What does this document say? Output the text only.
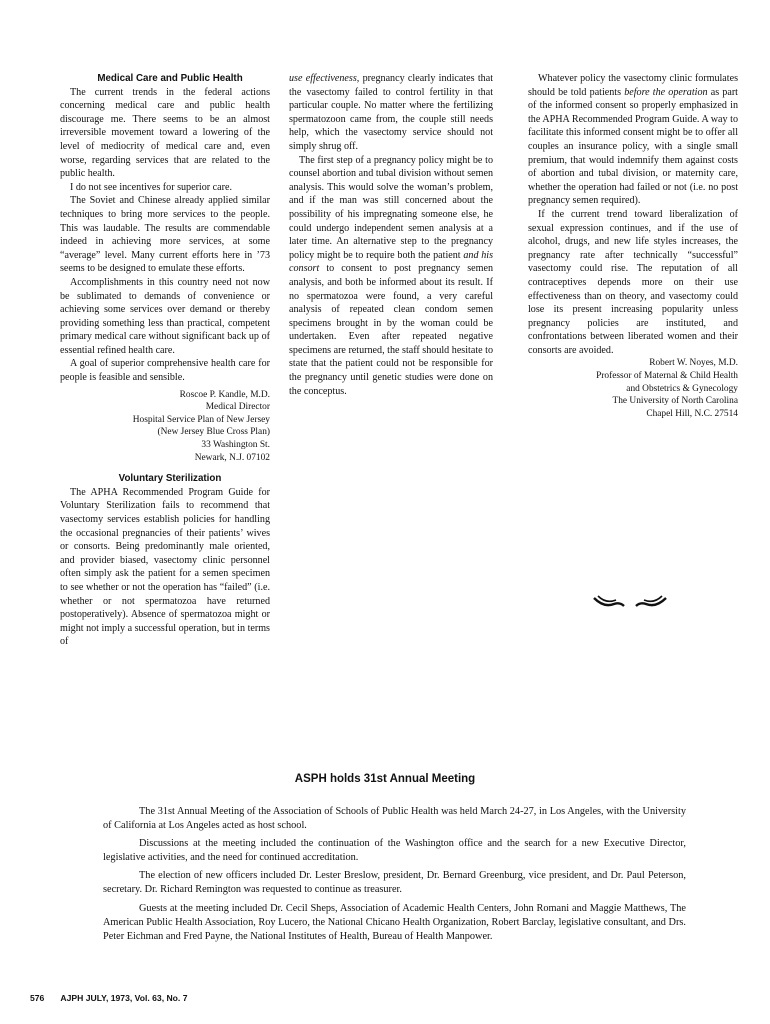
Medical Care and Public Health

The current trends in the federal actions concerning medical care and public health discourage me. There seems to be an almost irreversible movement toward a lowering of the level of mediocrity of medical care and, even worse, regarding services that are related to the public health.

I do not see incentives for superior care.

The Soviet and Chinese already applied similar techniques to bring more services to the people. This was laudable. The results are commendable indeed in achieving more services, at some “average” level. Many current efforts here in ’73 seems to be designed to emulate these efforts.

Accomplishments in this country need not now be sublimated to demands of convenience or achieving some services over demand or thereby providing something less than practical, competent primary medical care without significant back up of essential refined health care.

A goal of superior comprehensive health care for people is feasible and sensible.

Roscoe P. Kandle, M.D.
Medical Director
Hospital Service Plan of New Jersey
(New Jersey Blue Cross Plan)
33 Washington St.
Newark, N.J. 07102

Voluntary Sterilization

The APHA Recommended Program Guide for Voluntary Sterilization fails to recommend that vasectomy services establish policies for handling the occasional pregnancies of their patients’ wives or consorts. Being predominantly male oriented, and provider biased, vasectomy clinic personnel often simply ask the patient for a semen specimen to see whether or not the operation has “failed” (i.e. whether or not spermatozoa have returned postoperatively). Absence of spermatozoa might or might not imply a successful operation, but in terms of

use effectiveness, pregnancy clearly indicates that the vasectomy failed to control fertility in that particular couple. No matter where the fertilizing spermatozoon came from, the couple still needs help, which the vasectomy service should not simply shrug off.

The first step of a pregnancy policy might be to counsel abortion and tubal division without semen analysis. This would solve the woman’s problem, and if the man was still concerned about the possibility of his impregnating someone else, he could undergo independent semen analysis at a later time. An alternative step to the pregnancy policy might be to require both the patient and his consort to consent to post pregnancy semen analysis, and both be informed about its result. If no spermatozoa were found, a very careful analysis of repeated clean condom semen specimens brought in by the woman could be undertaken. Even after repeated negative specimens are returned, the staff should hesitate to state that the patient could not be responsible for the pregnancy until genetic studies were done on the conceptus.

Whatever policy the vasectomy clinic formulates should be told patients before the operation as part of the informed consent so properly emphasized in the APHA Recommended Program Guide. A way to facilitate this informed consent might be to offer all couples an insurance policy, with a single small premium, that would indemnify them against costs of abortion and tubal division, or maternity care, whether the operation had failed or not (i.e. no post pregnancy semen required).

If the current trend toward liberalization of sexual expression continues, and if the use of alcohol, drugs, and new life styles increases, the pregnancy rate after technically “successful” vasectomy could rise. The reputation of all contraceptives depends more on their use effectiveness than on theory, and vasectomy could lose its present increasing popularity unless pregnancy policies are instituted, and confrontations between liberated women and their consorts are avoided.

Robert W. Noyes, M.D.
Professor of Maternal & Child Health
and Obstetrics & Gynecology
The University of North Carolina
Chapel Hill, N.C. 27514

ASPH holds 31st Annual Meeting

The 31st Annual Meeting of the Association of Schools of Public Health was held March 24-27, in Los Angeles, with the University of California at Los Angeles acted as host school.

Discussions at the meeting included the continuation of the Washington office and the search for a new Executive Director, legislative activities, and the need for continued accreditation.

The election of new officers included Dr. Lester Breslow, president, Dr. Bernard Greenburg, vice president, and Dr. Paul Peterson, secretary. Dr. Richard Remington was requested to continue as treasurer.

Guests at the meeting included Dr. Cecil Sheps, Association of Academic Health Centers, John Romani and Maggie Matthews, The American Public Health Association, Roy Lucero, the National Chicano Health Organization, Robert Barclay, legislative consultant, and Drs. Peter Eichman and Fred Payne, the National Institutes of Health, Bureau of Health Manpower.

576 AJPH JULY, 1973, Vol. 63, No. 7
